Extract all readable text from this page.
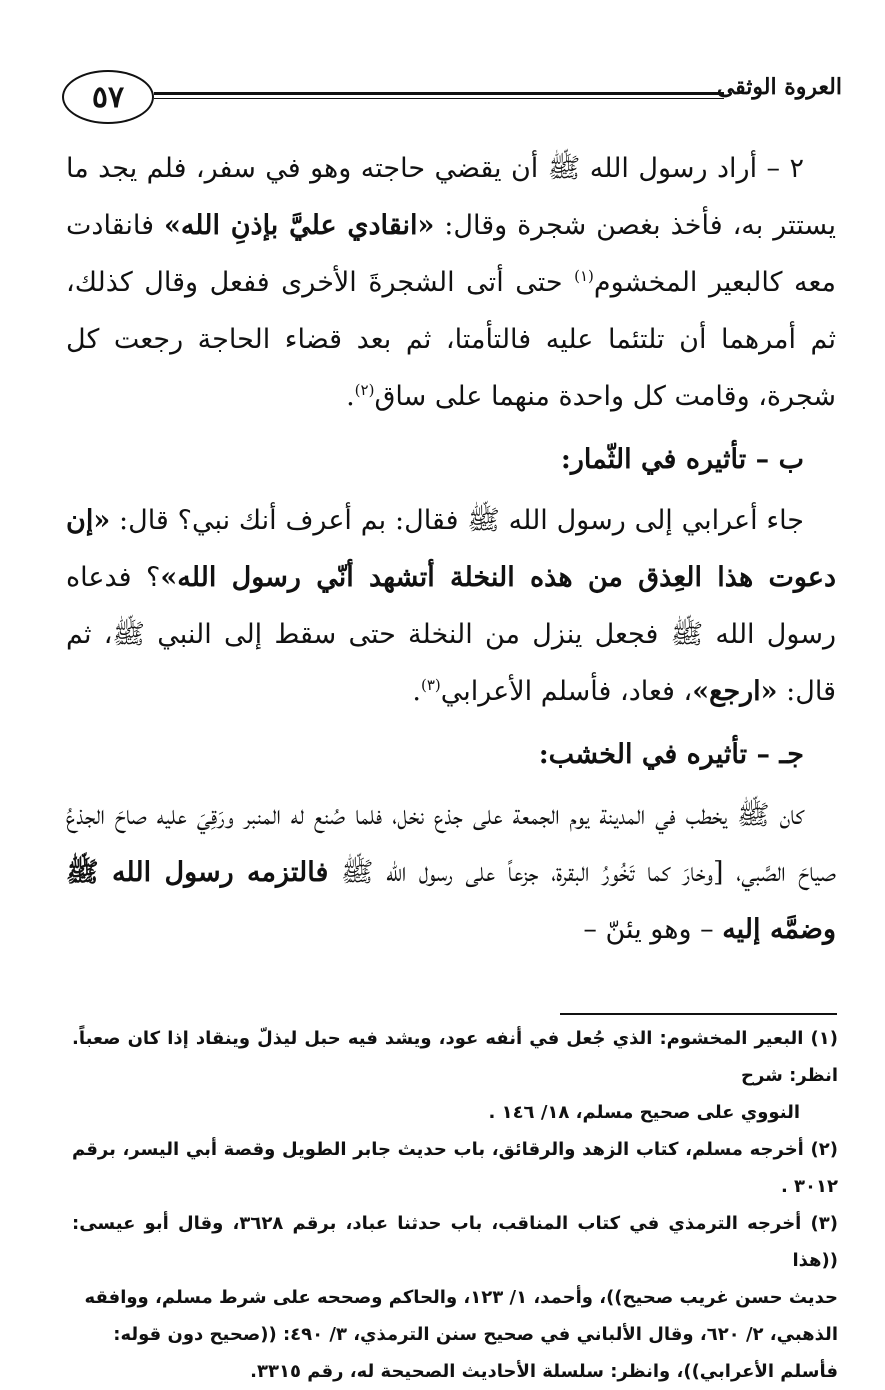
العروة الوثقى
٥٧

٢ – أراد رسول الله ﷺ أن يقضي حاجته وهو في سفر، فلم يجد ما يستتر به، فأخذ بغصن شجرة وقال: «انقادي عليَّ بإذنِ الله» فانقادت معه كالبعير المخشوم$^{(١)}$ حتى أتى الشجرةَ الأخرى ففعل وقال كذلك، ثم أمرهما أن تلتئما عليه فالتأمتا، ثم بعد قضاء الحاجة رجعت كل شجرة، وقامت كل واحدة منهما على ساق$^{(٢)}$.

ب – تأثيره في الثّمار:

جاء أعرابي إلى رسول الله ﷺ فقال: بم أعرف أنك نبي؟ قال: «إن دعوت هذا العِذق من هذه النخلة أتشهد أنّي رسول الله»؟ فدعاه رسول الله ﷺ فجعل ينزل من النخلة حتى سقط إلى النبي ﷺ، ثم قال: «ارجع»، فعاد، فأسلم الأعرابي$^{(٣)}$.

جـ – تأثيره في الخشب:

كان ﷺ يخطب في المدينة يوم الجمعة على جذع نخل، فلما صُنع له المنبر ورَقِيَ عليه صاحَ الجذعُ صياحَ الصَّبي، [وخارَ كما تَخُورُ البقرة، جزعاً على رسول الله ﷺ فالتزمه رسول الله ﷺ وضمَّه إليه – وهو يئنّ –

(١) البعير المخشوم: الذي جُعل في أنفه عود، ويشد فيه حبل ليذلّ وينقاد إذا كان صعباً. انظر: شرح
النووي على صحيح مسلم، ١٨/ ١٤٦ .
(٢) أخرجه مسلم، كتاب الزهد والرقائق، باب حديث جابر الطويل وقصة أبي اليسر، برقم ٣٠١٢ .
(٣) أخرجه الترمذي في كتاب المناقب، باب حدثنا عباد، برقم ٣٦٢٨، وقال أبو عيسى: ((هذا
حديث حسن غريب صحيح))، وأحمد، ١/ ١٢٣، والحاكم وصححه على شرط مسلم، ووافقه
الذهبي، ٢/ ٦٢٠، وقال الألباني في صحيح سنن الترمذي، ٣/ ٤٩٠: ((صحيح دون قوله:
فأسلم الأعرابي))، وانظر: سلسلة الأحاديث الصحيحة له، رقم ٣٣١٥.
